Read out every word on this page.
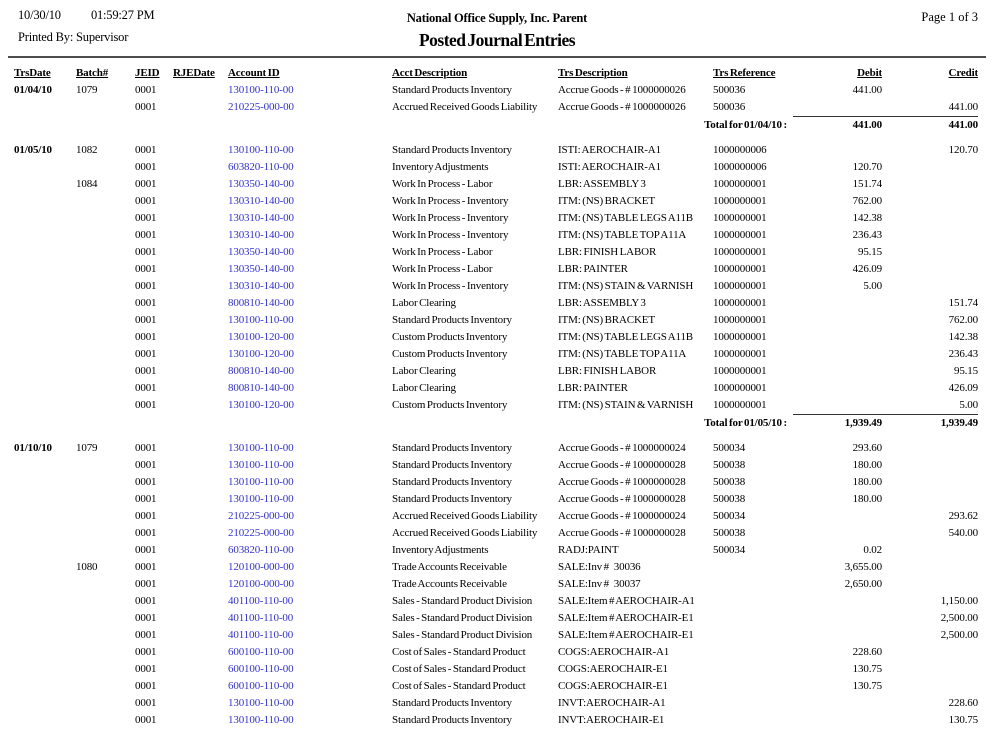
10/30/10 01:59:27 PM
Printed By: Supervisor
National Office Supply, Inc. Parent
Posted Journal Entries
Page 1 of 3
TrsDate	Batch#	JEID	RJEDate	Account ID	Acct Description	Trs Description	Trs Reference	Debit	Credit
01/04/10	1079	0001		130100-110-00	Standard Products Inventory	Accrue Goods - # 1000000026	500036	441.00	
		0001		210225-000-00	Accrued Received Goods Liability	Accrue Goods - # 1000000026	500036		441.00
Total for 01/04/10 :								441.00	441.00

01/05/10	1082	0001		130100-110-00	Standard Products Inventory	ISTI: AEROCHAIR-A1	1000000006		120.70
		0001		603820-110-00	Inventory Adjustments	ISTI: AEROCHAIR-A1	1000000006	120.70	
	1084	0001		130350-140-00	Work In Process - Labor	LBR: ASSEMBLY 3	1000000001	151.74	
		0001		130310-140-00	Work In Process - Inventory	ITM: (NS) BRACKET	1000000001	762.00	
		0001		130310-140-00	Work In Process - Inventory	ITM: (NS) TABLE LEGS A11B	1000000001	142.38	
		0001		130310-140-00	Work In Process - Inventory	ITM: (NS) TABLE TOP A11A	1000000001	236.43	
		0001		130350-140-00	Work In Process - Labor	LBR: FINISH LABOR	1000000001	95.15	
		0001		130350-140-00	Work In Process - Labor	LBR: PAINTER	1000000001	426.09	
		0001		130310-140-00	Work In Process - Inventory	ITM: (NS) STAIN & VARNISH	1000000001	5.00	
		0001		800810-140-00	Labor Clearing	LBR: ASSEMBLY 3	1000000001		151.74
		0001		130100-110-00	Standard Products Inventory	ITM: (NS) BRACKET	1000000001		762.00
		0001		130100-120-00	Custom Products Inventory	ITM: (NS) TABLE LEGS A11B	1000000001		142.38
		0001		130100-120-00	Custom Products Inventory	ITM: (NS) TABLE TOP A11A	1000000001		236.43
		0001		800810-140-00	Labor Clearing	LBR: FINISH LABOR	1000000001		95.15
		0001		800810-140-00	Labor Clearing	LBR: PAINTER	1000000001		426.09
		0001		130100-120-00	Custom Products Inventory	ITM: (NS) STAIN & VARNISH	1000000001		5.00
Total for 01/05/10 :								1,939.49	1,939.49

01/10/10	1079	0001		130100-110-00	Standard Products Inventory	Accrue Goods - # 1000000024	500034	293.60	
		0001		130100-110-00	Standard Products Inventory	Accrue Goods - # 1000000028	500038	180.00	
		0001		130100-110-00	Standard Products Inventory	Accrue Goods - # 1000000028	500038	180.00	
		0001		130100-110-00	Standard Products Inventory	Accrue Goods - # 1000000028	500038	180.00	
		0001		210225-000-00	Accrued Received Goods Liability	Accrue Goods - # 1000000024	500034		293.62
		0001		210225-000-00	Accrued Received Goods Liability	Accrue Goods - # 1000000028	500038		540.00
		0001		603820-110-00	Inventory Adjustments	RADJ:PAINT	500034	0.02	
	1080	0001		120100-000-00	Trade Accounts Receivable	SALE:Inv #   30036		3,655.00	
		0001		120100-000-00	Trade Accounts Receivable	SALE:Inv #   30037		2,650.00	
		0001		401100-110-00	Sales - Standard Product Division	SALE:Item # AEROCHAIR-A1			1,150.00
		0001		401100-110-00	Sales - Standard Product Division	SALE:Item # AEROCHAIR-E1			2,500.00
		0001		401100-110-00	Sales - Standard Product Division	SALE:Item # AEROCHAIR-E1			2,500.00
		0001		600100-110-00	Cost of Sales - Standard Product	COGS:AEROCHAIR-A1		228.60	
		0001		600100-110-00	Cost of Sales - Standard Product	COGS:AEROCHAIR-E1		130.75	
		0001		600100-110-00	Cost of Sales - Standard Product	COGS:AEROCHAIR-E1		130.75	
		0001		130100-110-00	Standard Products Inventory	INVT:AEROCHAIR-A1			228.60
		0001		130100-110-00	Standard Products Inventory	INVT:AEROCHAIR-E1			130.75
